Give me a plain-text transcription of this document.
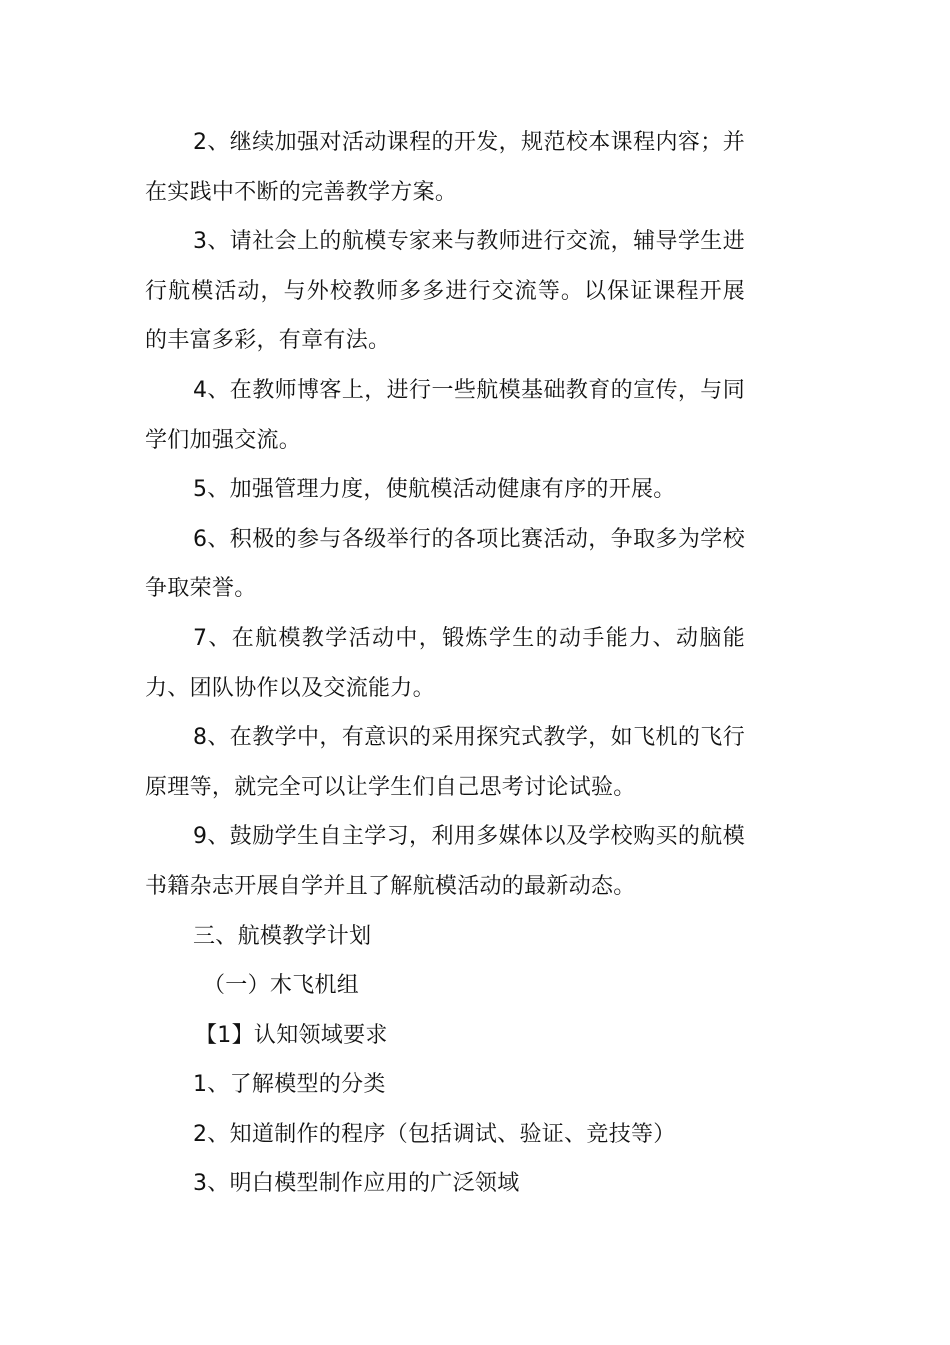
2、继续加强对活动课程的开发，规范校本课程内容；并在实践中不断的完善教学方案。

3、请社会上的航模专家来与教师进行交流，辅导学生进行航模活动，与外校教师多多进行交流等。以保证课程开展的丰富多彩，有章有法。

4、在教师博客上，进行一些航模基础教育的宣传，与同学们加强交流。

5、加强管理力度，使航模活动健康有序的开展。

6、积极的参与各级举行的各项比赛活动，争取多为学校争取荣誉。

7、在航模教学活动中，锻炼学生的动手能力、动脑能力、团队协作以及交流能力。

8、在教学中，有意识的采用探究式教学，如飞机的飞行原理等，就完全可以让学生们自己思考讨论试验。

9、鼓励学生自主学习，利用多媒体以及学校购买的航模书籍杂志开展自学并且了解航模活动的最新动态。

三、航模教学计划

（一）木飞机组

【1】认知领域要求

1、了解模型的分类

2、知道制作的程序（包括调试、验证、竞技等）

3、明白模型制作应用的广泛领域
